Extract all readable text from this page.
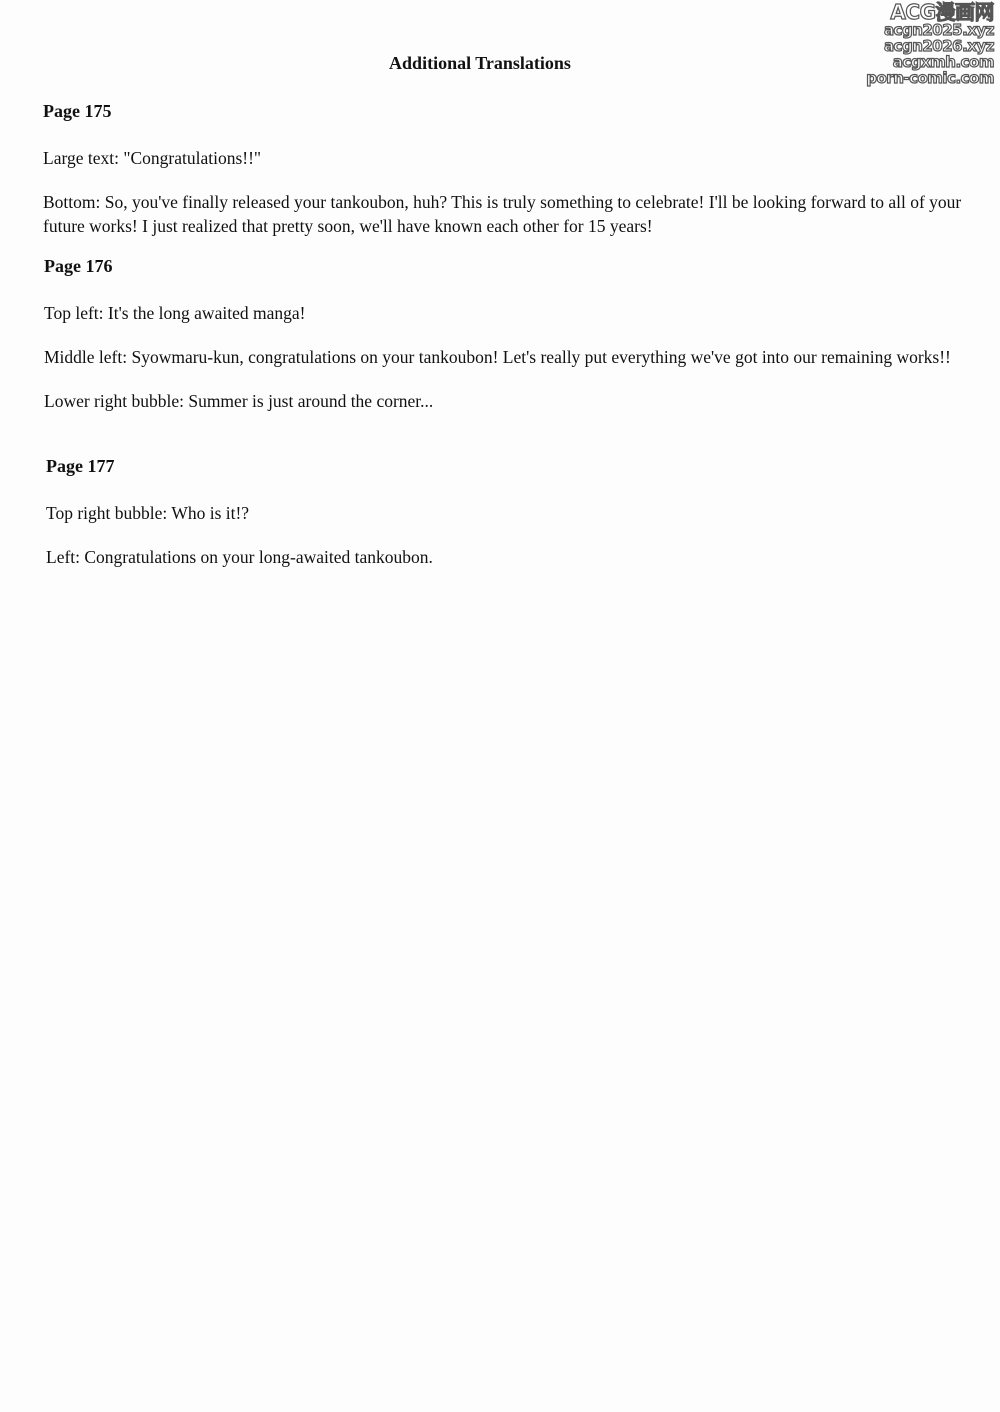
Additional Translations
Page 175

Large text: "Congratulations!!"

Bottom: So, you've finally released your tankoubon, huh? This is truly something to celebrate! I'll be looking forward to all of your future works! I just realized that pretty soon, we'll have known each other for 15 years!

Page 176

Top left: It's the long awaited manga!

Middle left: Syowmaru-kun, congratulations on your tankoubon! Let's really put everything we've got into our remaining works!!

Lower right bubble: Summer is just around the corner...

Page 177

Top right bubble: Who is it!?

Left: Congratulations on your long-awaited tankoubon.

ACG漫画网
acgn2025.xyz
acgn2026.xyz
acgxmh.com
porn-comic.com
